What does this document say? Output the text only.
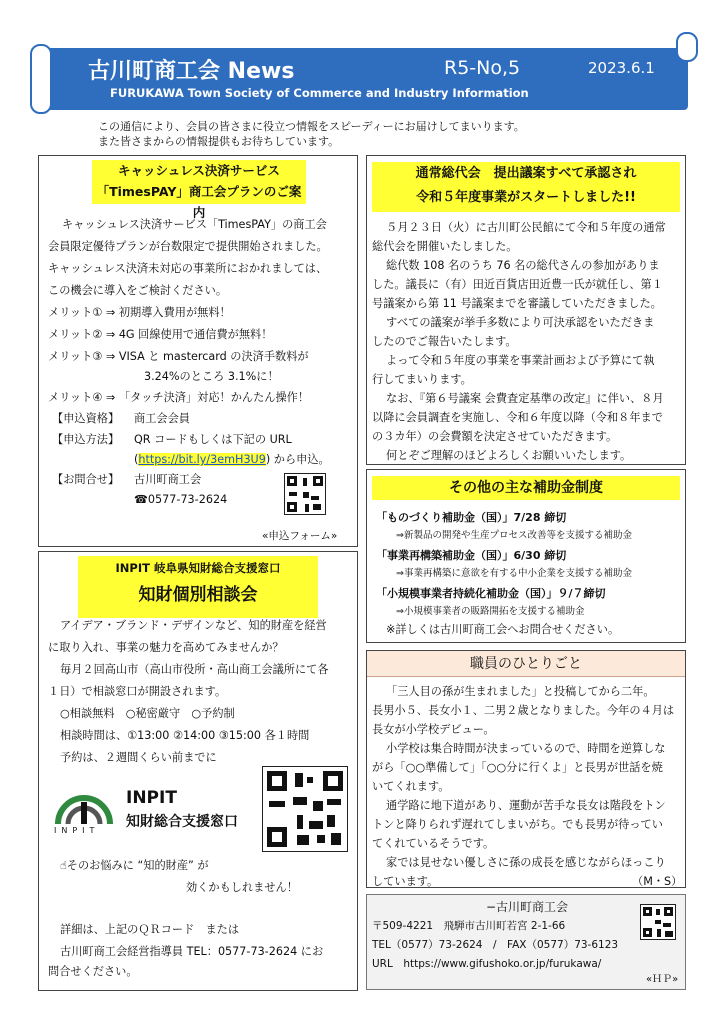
古川町商工会 News	R5-No,5	2023.6.1
FURUKAWA Town Society of Commerce and Industry Information
この通信により、会員の皆さまに役立つ情報をスピーディーにお届けしてまいります。
また皆さまからの情報提供もお待ちしています。
キャッシュレス決済サービス
「TimesPAY」商工会プランのご案内
キャッシュレス決済サービス「TimesPAY」の商工会
会員限定優待プランが台数限定で提供開始されました。
キャッシュレス決済未対応の事業所におかれましては、
この機会に導入をご検討ください。
メリット① ⇒ 初期導入費用が無料！
メリット② ⇒ 4G 回線使用で通信費が無料！
メリット③ ⇒ VISA と mastercard の決済手数料が
3.24%のところ 3.1%に！
メリット④ ⇒ 「タッチ決済」対応！かんたん操作！
【申込資格】 商工会会員
【申込方法】 QR コードもしくは下記の URL
(https://bit.ly/3emH3U9) から申込。
【お問合せ】 古川町商工会
☎0577-73-2624
«申込フォーム»
INPIT 岐阜県知財総合支援窓口
知財個別相談会
アイデア・ブランド・デザインなど、知的財産を経営
に取り入れ、事業の魅力を高めてみませんか？
毎月２回高山市（高山市役所・高山商工会議所にて各
１日）で相談窓口が開設されます。
○相談無料　○秘密厳守　○予約制
相談時間は、①13:00 ②14:00 ③15:00 各１時間
予約は、２週間くらい前までに
INPIT
INPIT
知財総合支援窓口
☝そのお悩みに “知的財産” が
効くかもしれません！
詳細は、上記のＱＲコード　または
古川町商工会経営指導員 TEL：0577-73-2624 にお
問合せください。
通常総代会　提出議案すべて承認され
令和５年度事業がスタートしました!!
５月２３日（火）に古川町公民館にて令和５年度の通常
総代会を開催いたしました。
総代数 108 名のうち 76 名の総代さんの参加がありま
した。議長に（有）田近百貨店田近豊一氏が就任し、第１
号議案から第 11 号議案までを審議していただきました。
すべての議案が挙手多数により可決承認をいただきま
したのでご報告いたします。
よって令和５年度の事業を事業計画および予算にて執
行してまいります。
なお、『第６号議案 会費査定基準の改定』に伴い、８月
以降に会員調査を実施し、令和６年度以降（令和８年まで
の３カ年）の会費額を決定させていただきます。
何とぞご理解のほどよろしくお願いいたします。
その他の主な補助金制度
「ものづくり補助金（国）」7/28 締切
⇒新製品の開発や生産プロセス改善等を支援する補助金
「事業再構築補助金（国）」6/30 締切
⇒事業再構築に意欲を有する中小企業を支援する補助金
「小規模事業者持続化補助金（国）」９/７締切
⇒小規模事業者の販路開拓を支援する補助金
※詳しくは古川町商工会へお問合せください。
職員のひとりごと
「三人目の孫が生まれました」と投稿してから二年。
長男小５、長女小１、二男２歳となりました。今年の４月は
長女が小学校デビュー。
小学校は集合時間が決まっているので、時間を逆算しな
がら「○○準備して」「○○分に行くよ」と長男が世話を焼
いてくれます。
通学路に地下道があり、運動が苦手な長女は階段をトン
トンと降りられず遅れてしまいがち。でも長男が待ってい
てくれているそうです。
家では見せない優しさに孫の成長を感じながらほっこり
しています。	（M・S）
−古川町商工会
〒509-4221　飛騨市古川町若宮 2-1-66
TEL（0577）73-2624　/　FAX（0577）73-6123
URL　https://www.gifushoko.or.jp/furukawa/
«ＨＰ»
